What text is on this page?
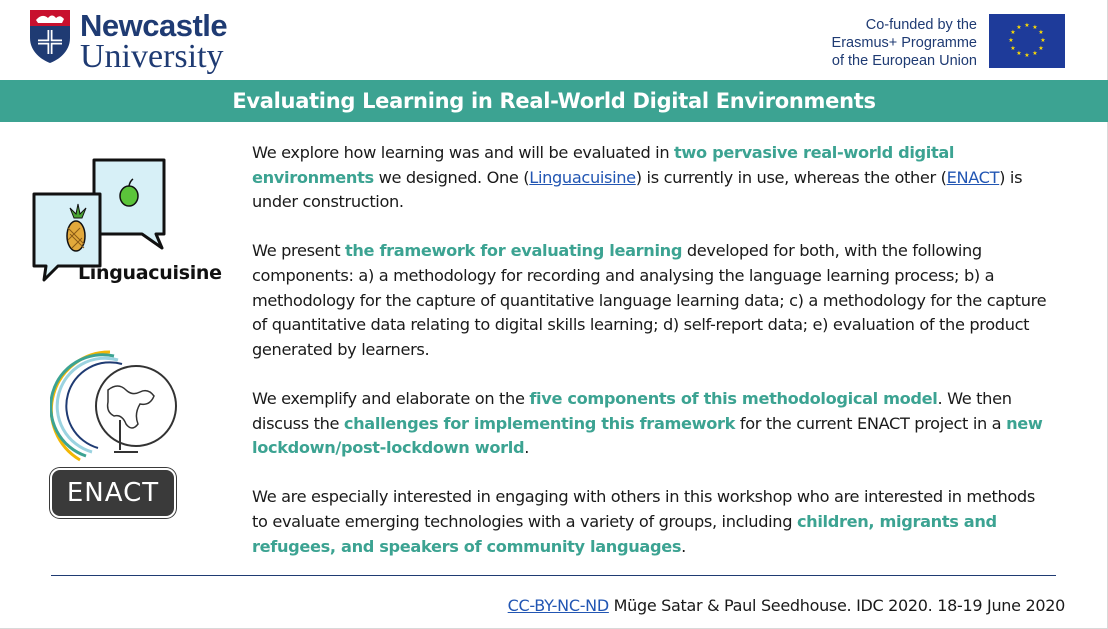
Newcastle
University
Co-funded by the
Erasmus+ Programme
of the European Union
★ ★
★
★
★
★
★
★
★
★
★
★
Evaluating Learning in Real-World Digital Environments
Linguacuisine
ENACT
We explore how learning was and will be evaluated in two pervasive real-world digital environments we designed. One (Linguacuisine) is currently in use, whereas the other (ENACT) is under construction.
We present the framework for evaluating learning developed for both, with the following components: a) a methodology for recording and analysing the language learning process; b) a methodology for the capture of quantitative language learning data; c) a methodology for the capture of quantitative data relating to digital skills learning; d) self-report data; e) evaluation of the product generated by learners.
We exemplify and elaborate on the five components of this methodological model. We then discuss the challenges for implementing this framework for the current ENACT project in a new lockdown/post-lockdown world.
We are especially interested in engaging with others in this workshop who are interested in methods to evaluate emerging technologies with a variety of groups, including children, migrants and refugees, and speakers of community languages.
CC-BY-NC-ND Müge Satar & Paul Seedhouse. IDC 2020. 18-19 June 2020
